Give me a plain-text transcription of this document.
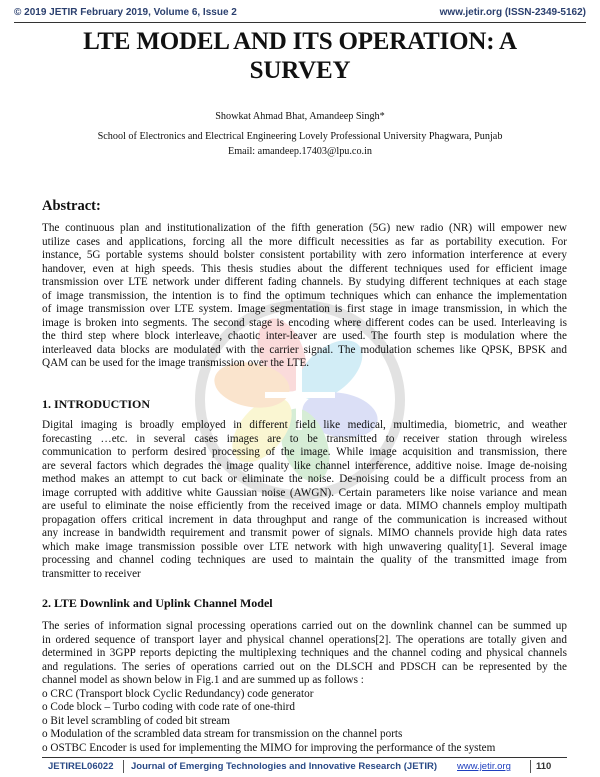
© 2019 JETIR February 2019, Volume 6, Issue 2	www.jetir.org (ISSN-2349-5162)
LTE MODEL AND ITS OPERATION: A
SURVEY
Showkat Ahmad Bhat, Amandeep Singh*
School of Electronics and Electrical Engineering Lovely Professional University Phagwara, Punjab
Email: amandeep.17403@lpu.co.in
Abstract:
The continuous plan and institutionalization of the fifth generation (5G) new radio (NR) will empower new
utilize cases and applications, forcing all the more difficult necessities as far as portability execution. For
instance, 5G portable systems should bolster consistent portability with zero information interference at every
handover, even at high speeds. This thesis studies about the different techniques used for efficient image
transmission over LTE network under different fading channels. By studying different techniques at each stage
of image transmission, the intention is to find the optimum techniques which can enhance the implementation
of image transmission over LTE system. Image segmentation is first stage in image transmission, in which the
image is broken into segments. The second stage is encoding where different codes can be used. Interleaving is
the third step where block interleave, chaotic inter-leaver are used. The fourth step is modulation where the
interleaved data blocks are modulated with the carrier signal. The modulation schemes like QPSK, BPSK and
QAM can be used for the image transmission over the LTE.
1. INTRODUCTION
Digital imaging is broadly employed in different field like medical, multimedia, biometric, and weather
forecasting …etc. in several cases images are to be transmitted to receiver station through wireless
communication to perform desired processing of the image. While image acquisition and transmission, there
are several factors which degrades the image quality like channel interference, additive noise. Image de-noising
method makes an attempt to cut back or eliminate the noise. De-noising could be a difficult process from an
image corrupted with additive white Gaussian noise (AWGN). Certain parameters like noise variance and mean
are useful to eliminate the noise efficiently from the received image or data. MIMO channels employ multipath
propagation offers critical increment in data throughput and range of the communication is increased without
any increase in bandwidth requirement and transmit power of signals. MIMO channels provide high data rates
which make image transmission possible over LTE network with high unwavering quality[1]. Several image
processing and channel coding techniques are used to maintain the quality of the transmitted image from
transmitter to receiver
2. LTE Downlink and Uplink Channel Model
The series of information signal processing operations carried out on the downlink channel can be summed up
in ordered sequence of transport layer and physical channel operations[2]. The operations are totally given and
determined in 3GPP reports depicting the multiplexing techniques and the channel coding and physical channels
and regulations. The series of operations carried out on the DLSCH and PDSCH can be represented by the
channel model as shown below in Fig.1 and are summed up as follows :
o CRC (Transport block Cyclic Redundancy) code generator
o Code block – Turbo coding with code rate of one-third
o Bit level scrambling of coded bit stream
o Modulation of the scrambled data stream for transmission on the channel ports
o OSTBC Encoder is used for implementing the MIMO for improving the performance of the system
JETIREL06022 Journal of Emerging Technologies and Innovative Research (JETIR) www.jetir.org	110
